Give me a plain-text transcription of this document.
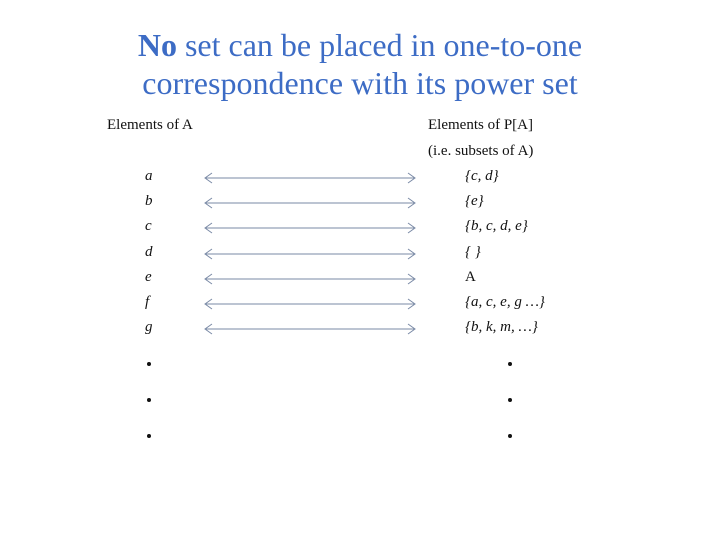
No set can be placed in one-to-one
correspondence with its power set
Elements of A	Elements of P[A]
(i.e. subsets of A)
a	{c, d}
b	{e}
c	{b, c, d, e}
d	{ }
e	A
f	{a, c, e, g …}
g	{b, k, m, …}
